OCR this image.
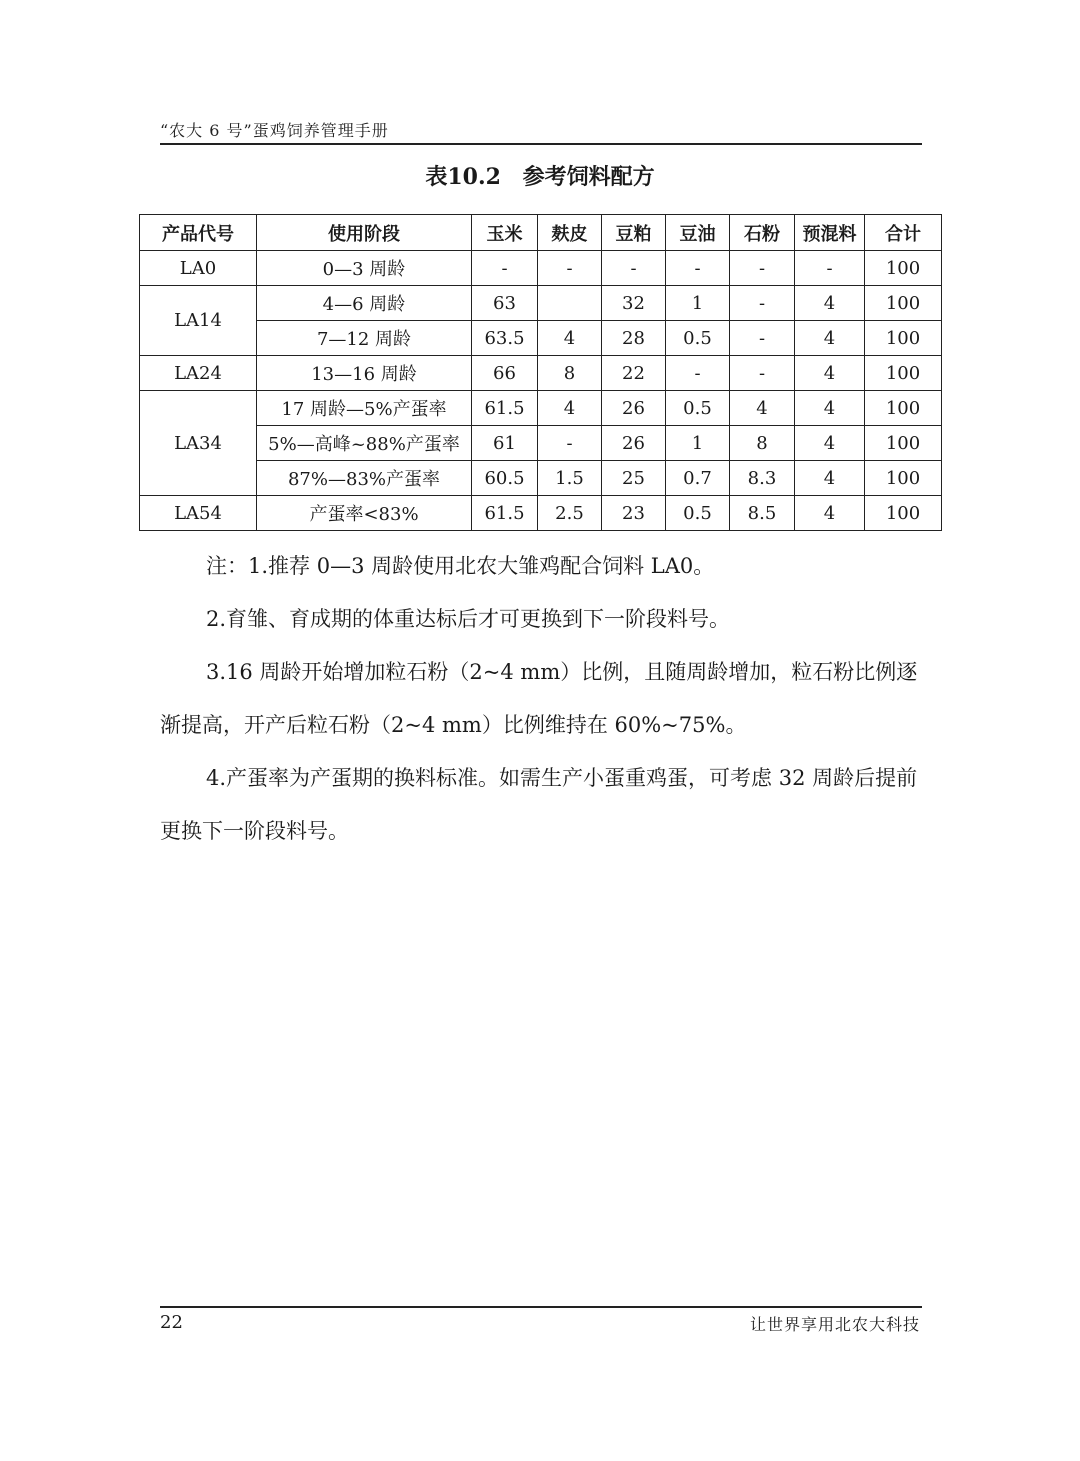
“农大 6 号”蛋鸡饲养管理手册
表10.2 参考饲料配方
产品代号	使用阶段	玉米	麸皮	豆粕	豆油	石粉	预混料	合计
LA0	0—3 周龄	-	-	-	-	-	-	100
LA14	4—6 周龄	63		32	1	-	4	100
	7—12 周龄	63.5	4	28	0.5	-	4	100
LA24	13—16 周龄	66	8	22	-	-	4	100
LA34	17 周龄—5%产蛋率	61.5	4	26	0.5	4	4	100
	5%—高峰~88%产蛋率	61	-	26	1	8	4	100
	87%—83%产蛋率	60.5	1.5	25	0.7	8.3	4	100
LA54	产蛋率<83%	61.5	2.5	23	0.5	8.5	4	100

注：1.推荐 0—3 周龄使用北农大雏鸡配合饲料 LA0。

2.育雏、育成期的体重达标后才可更换到下一阶段料号。

3.16 周龄开始增加粒石粉（2~4 mm）比例，且随周龄增加，粒石粉比例逐渐提高，开产后粒石粉（2~4 mm）比例维持在 60%~75%。

4.产蛋率为产蛋期的换料标准。如需生产小蛋重鸡蛋，可考虑 32 周龄后提前更换下一阶段料号。

22	让世界享用北农大科技
